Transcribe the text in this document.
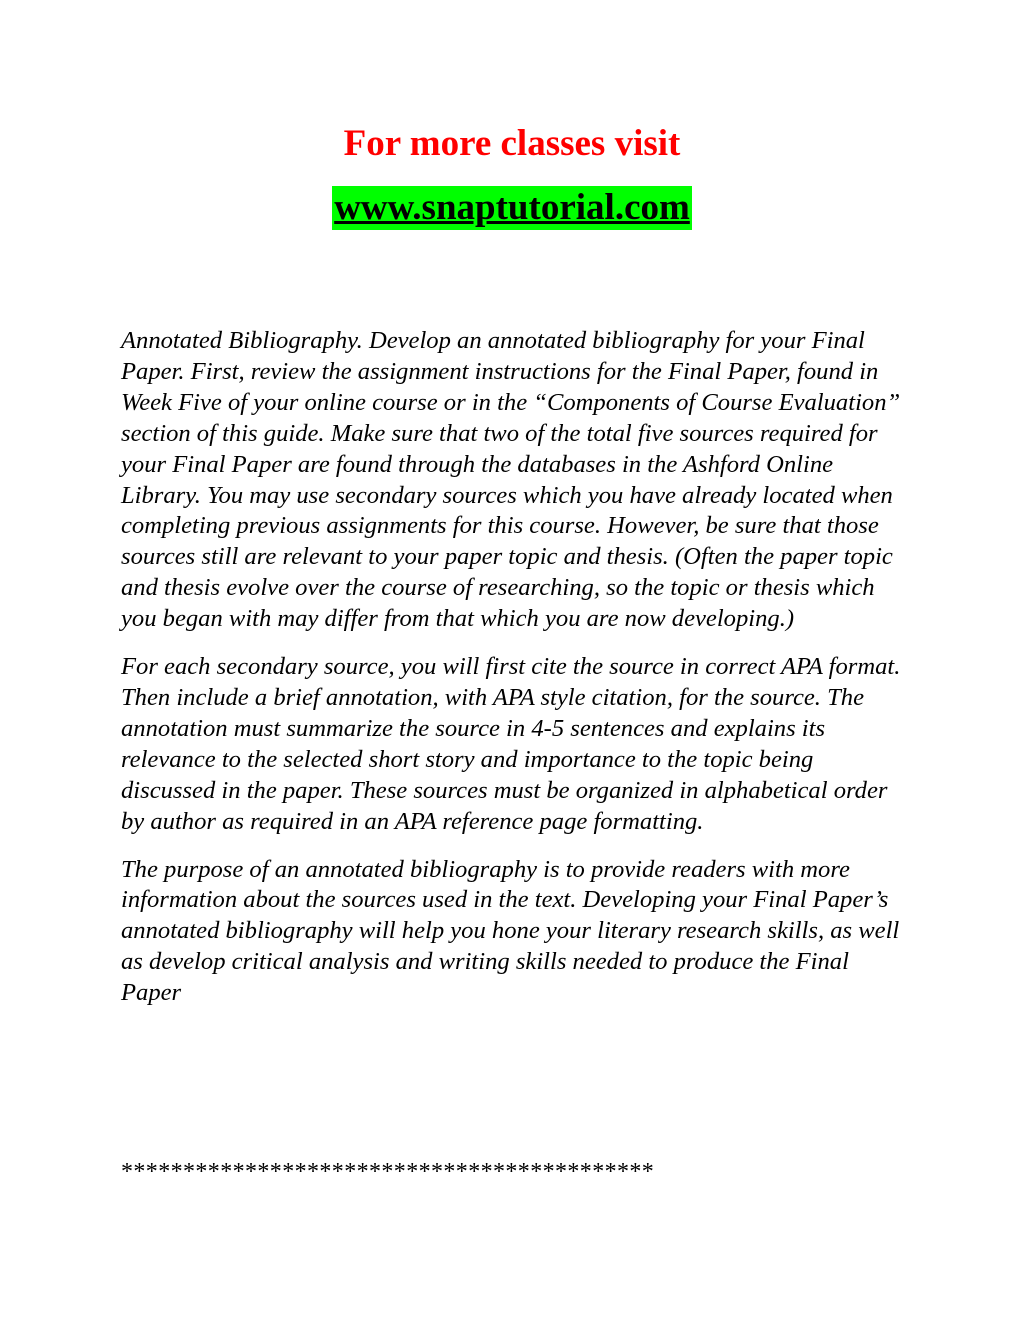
For more classes visit
www.snaptutorial.com

Annotated Bibliography. Develop an annotated bibliography for your Final Paper. First, review the assignment instructions for the Final Paper, found in Week Five of your online course or in the “Components of Course Evaluation” section of this guide. Make sure that two of the total five sources required for your Final Paper are found through the databases in the Ashford Online Library. You may use secondary sources which you have already located when completing previous assignments for this course. However, be sure that those sources still are relevant to your paper topic and thesis. (Often the paper topic and thesis evolve over the course of researching, so the topic or thesis which you began with may differ from that which you are now developing.)

For each secondary source, you will first cite the source in correct APA format. Then include a brief annotation, with APA style citation, for the source. The annotation must summarize the source in 4-5 sentences and explains its relevance to the selected short story and importance to the topic being discussed in the paper. These sources must be organized in alphabetical order by author as required in an APA reference page formatting.

The purpose of an annotated bibliography is to provide readers with more information about the sources used in the text. Developing your Final Paper’s annotated bibliography will help you hone your literary research skills, as well as develop critical analysis and writing skills needed to produce the Final Paper

*******************************************
